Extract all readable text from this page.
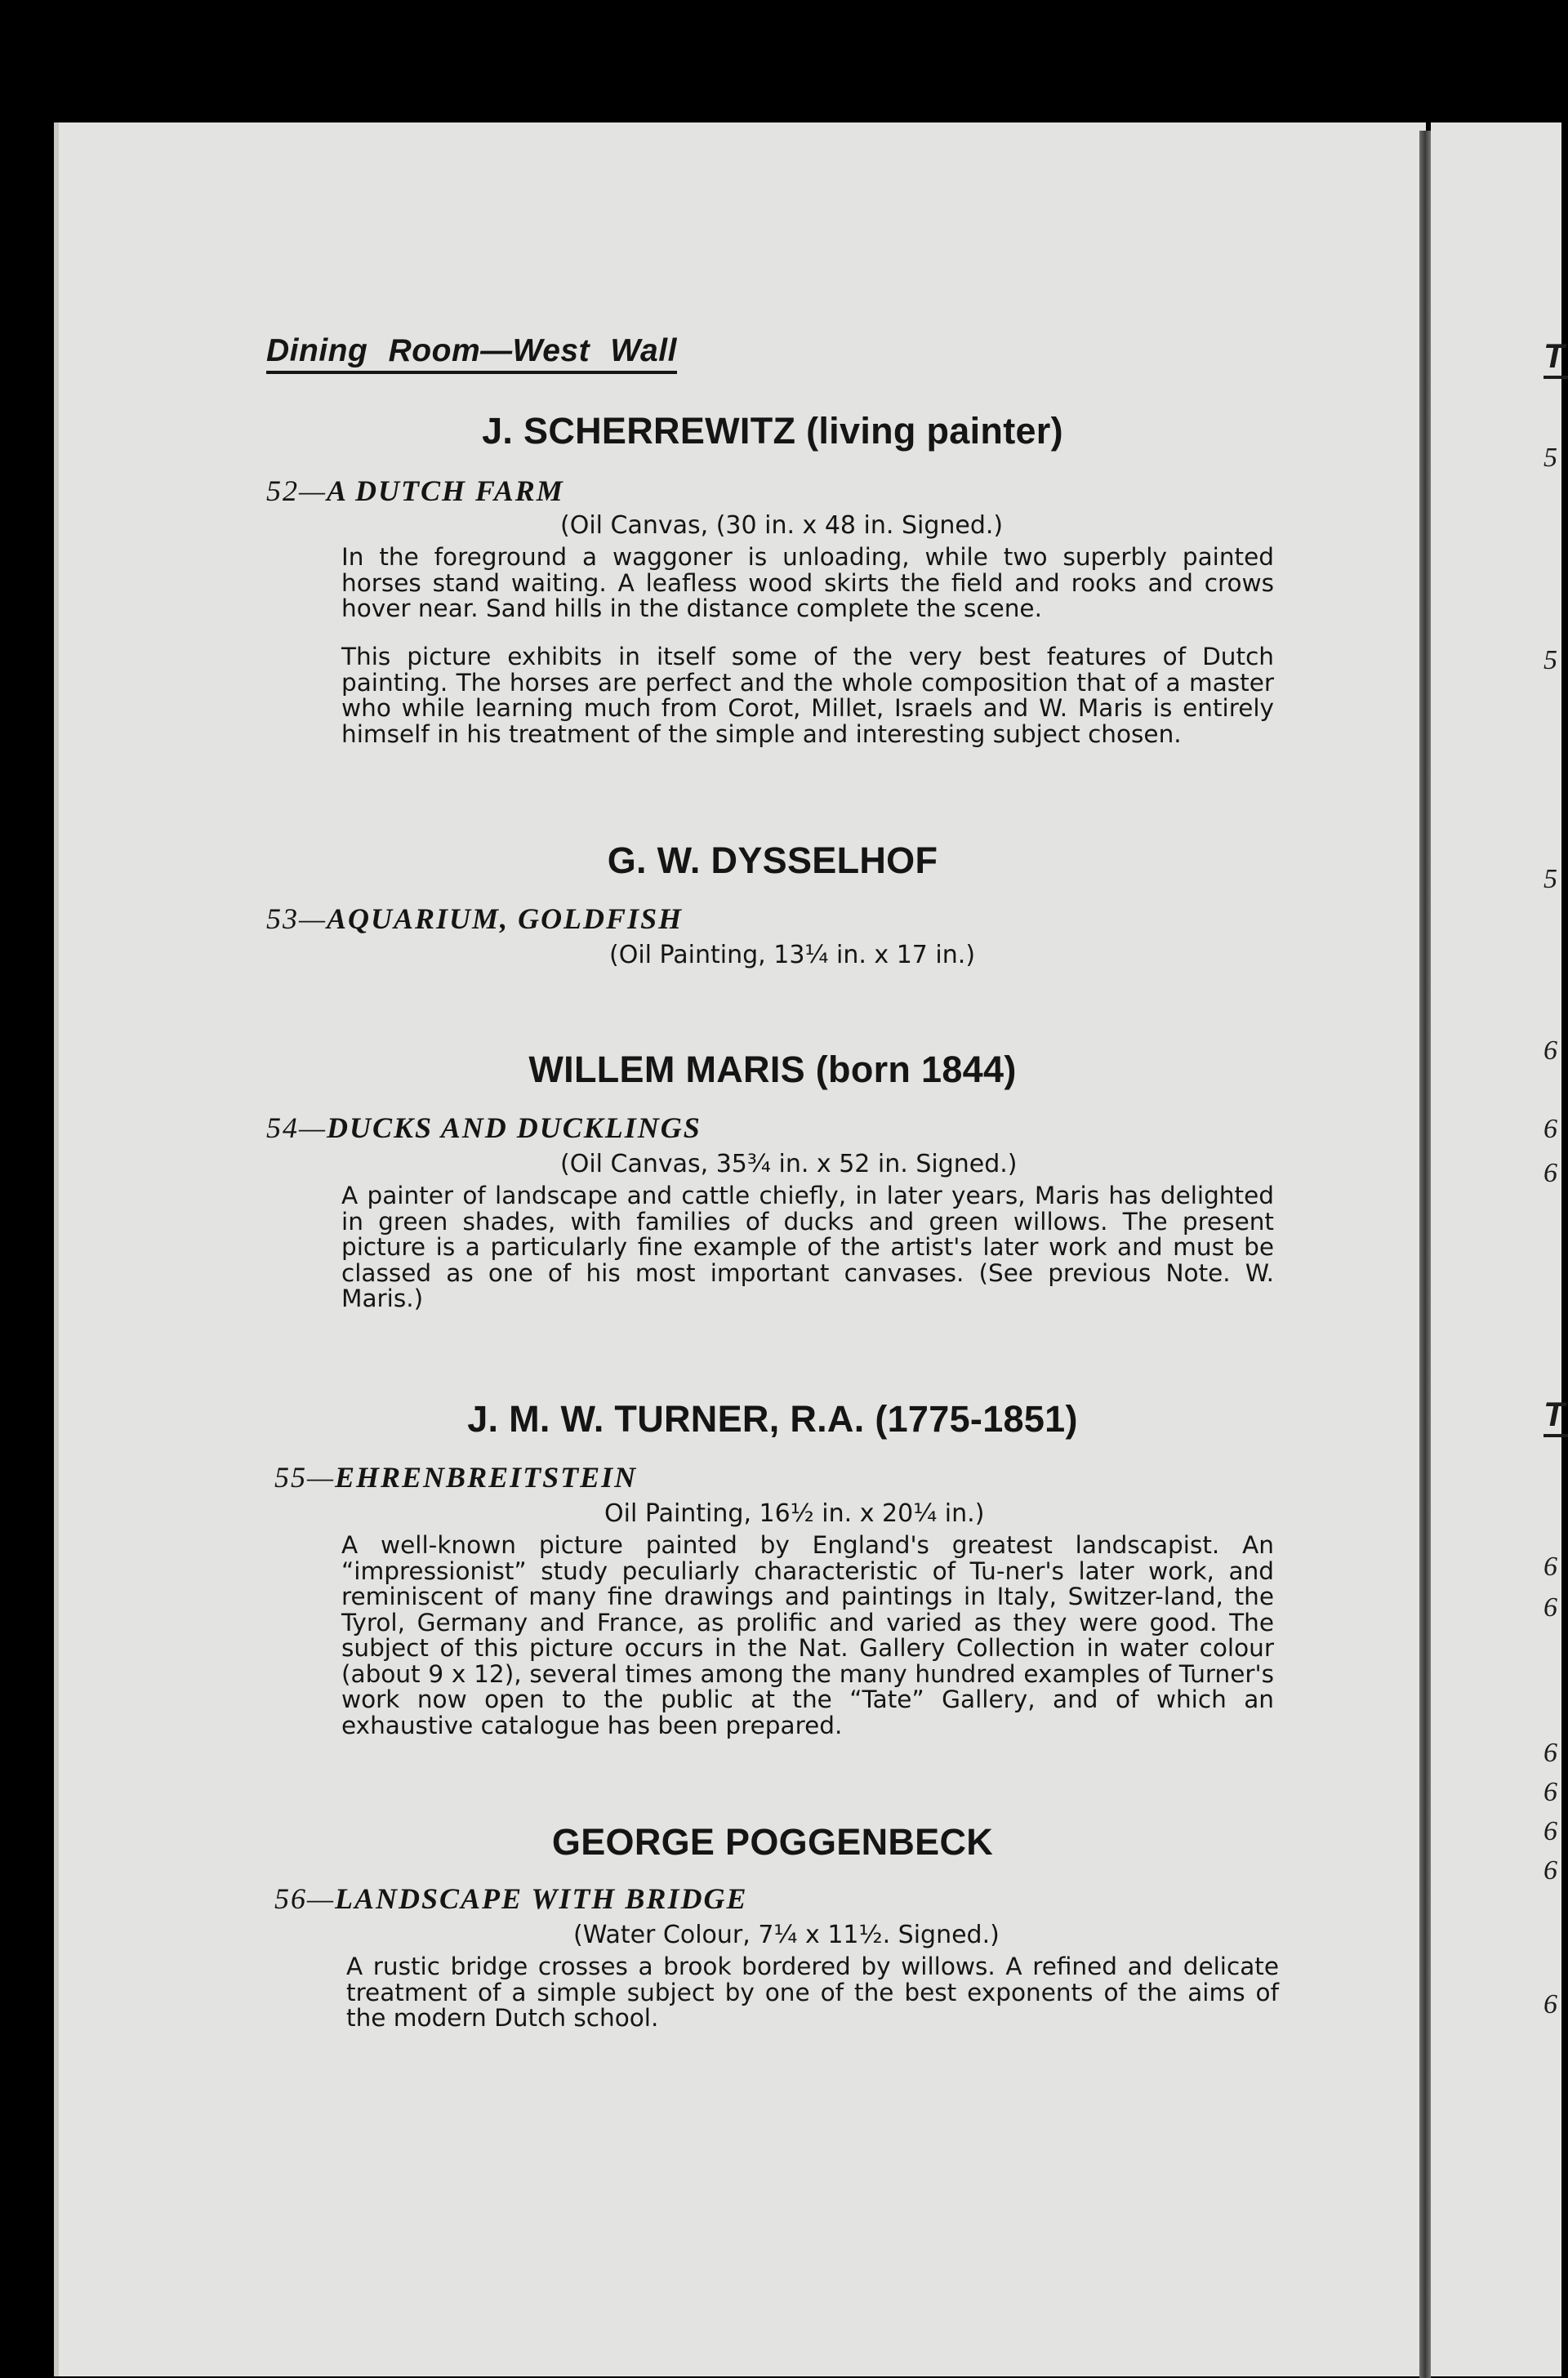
T
5
5
5
6
6
6
T
6
6
6
6
6
6
6
Dining Room—West Wall
J. SCHERREWITZ (living painter)
52—A DUTCH FARM
(Oil Canvas, (30 in. x 48 in. Signed.)

In the foreground a waggoner is unloading, while two superbly painted horses stand waiting. A leafless wood skirts the field and rooks and crows hover near. Sand hills in the distance complete the scene.

This picture exhibits in itself some of the very best features of Dutch painting. The horses are perfect and the whole composition that of a master who while learning much from Corot, Millet, Israels and W. Maris is entirely himself in his treatment of the simple and interesting subject chosen.

G. W. DYSSELHOF
53—AQUARIUM, GOLDFISH
(Oil Painting, 13¼ in. x 17 in.)
WILLEM MARIS (born 1844)
54—DUCKS AND DUCKLINGS
(Oil Canvas, 35¾ in. x 52 in. Signed.)

A painter of landscape and cattle chiefly, in later years, Maris has delighted in green shades, with families of ducks and green willows. The present picture is a particularly fine example of the artist's later work and must be classed as one of his most important canvases. (See previous Note. W. Maris.)

J. M. W. TURNER, R.A. (1775-1851)
55—EHRENBREITSTEIN
Oil Painting, 16½ in. x 20¼ in.)

A well-known picture painted by England's greatest landscapist. An “impressionist” study peculiarly characteristic of Tu-ner's later work, and reminiscent of many fine drawings and paintings in Italy, Switzer-land, the Tyrol, Germany and France, as prolific and varied as they were good. The subject of this picture occurs in the Nat. Gallery Collection in water colour (about 9 x 12), several times among the many hundred examples of Turner's work now open to the public at the “Tate” Gallery, and of which an exhaustive catalogue has been prepared.

GEORGE POGGENBECK
56—LANDSCAPE WITH BRIDGE
(Water Colour, 7¼ x 11½. Signed.)

A rustic bridge crosses a brook bordered by willows. A refined and delicate treatment of a simple subject by one of the best exponents of the aims of the modern Dutch school.
